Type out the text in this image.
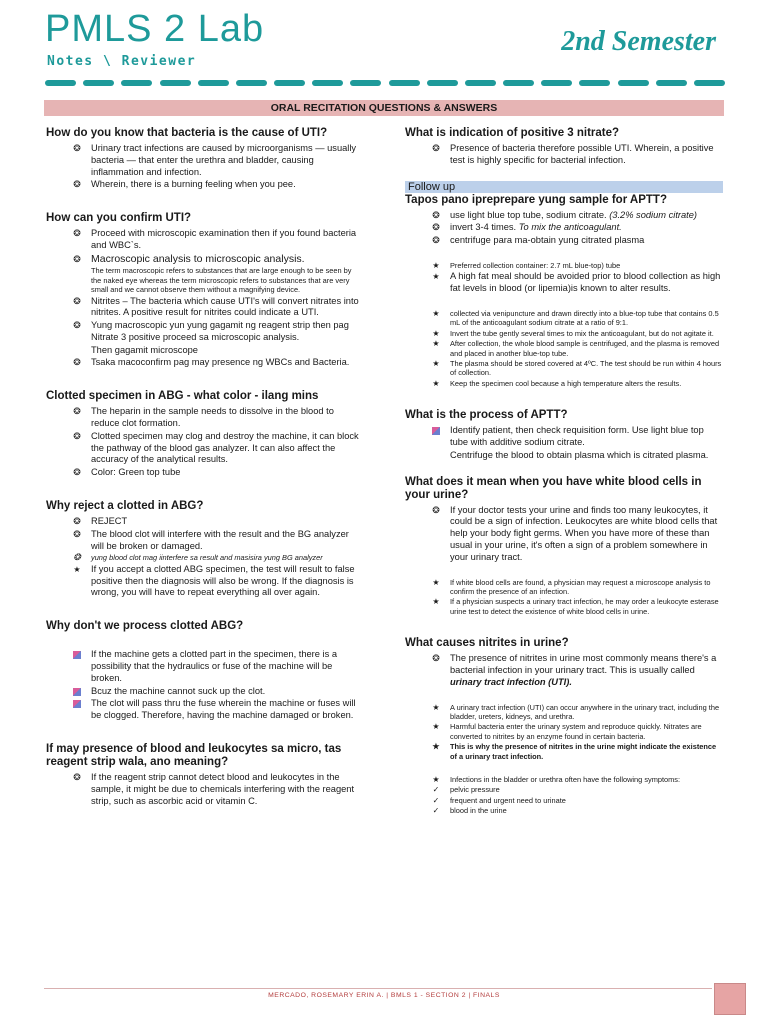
PMLS 2 Lab
Notes \ Reviewer
2nd Semester
ORAL RECITATION QUESTIONS & ANSWERS
How do you know that bacteria is the cause of UTI?
❂
Urinary tract infections are caused by microorganisms — usually bacteria — that enter the urethra and bladder, causing inflammation and infection.
❂
Wherein, there is a burning feeling when you pee.
How can you confirm UTI?
❂
Proceed with microscopic examination then if you found bacteria and WBC`s.
❂
Macroscopic analysis to microscopic analysis.
The term macroscopic refers to substances that are large enough to be seen by the naked eye whereas the term microscopic refers to substances that are very small and we cannot observe them without a magnifying device.
❂
Nitrites – The bacteria which cause UTI's will convert nitrates into nitrites. A positive result for nitrites could indicate a UTI.
❂
Yung macroscopic yun yung gagamit ng reagent strip then pag Nitrate 3 positive proceed sa microscopic analysis.
Then gagamit microscope
❂
Tsaka macoconfirm pag may presence ng WBCs and Bacteria.
Clotted specimen in ABG - what color - ilang mins
❂
The heparin in the sample needs to dissolve in the blood to reduce clot formation.
❂
Clotted specimen may clog and destroy the machine, it can block the pathway of the blood gas analyzer. It can also affect the accuracy of the analytical results.
❂
Color: Green top tube
Why reject a clotted in ABG?
❂
REJECT
❂
The blood clot will interfere with the result and the BG analyzer will be broken or damaged.
❂
yung blood clot mag iinterfere sa result and masisira yung BG analyzer
★
If you accept a clotted ABG specimen, the test will result to false positive then the diagnosis will also be wrong. If the diagnosis is wrong, you will have to repeat everything all over again.
Why don't we process clotted ABG?
If the machine gets a clotted part in the specimen, there is a possibility that the hydraulics or fuse of the machine will be broken.
Bcuz the machine cannot suck up the clot.
The clot will pass thru the fuse wherein the machine or fuses will be clogged. Therefore, having the machine damaged or broken.
If may presence of blood and leukocytes sa micro, tas reagent strip wala, ano meaning?
❂
If the reagent strip cannot detect blood and leukocytes in the sample, it might be due to chemicals interfering with the reagent strip, such as ascorbic acid or vitamin C.
What is indication of positive 3 nitrate?
❂
Presence of bacteria therefore possible UTI. Wherein, a positive test is highly specific for bacterial infection.
Follow up
Tapos pano ipreprepare yung sample for APTT?
❂
use light blue top tube, sodium citrate. (3.2% sodium citrate)
❂
invert 3-4 times. To mix the anticoagulant.
❂
centrifuge para ma-obtain yung citrated plasma
★
Preferred collection container: 2.7 mL blue-top) tube
★
A high fat meal should be avoided prior to blood collection as high fat levels in blood (or lipemia)is known to alter results.
★
collected via venipuncture and drawn directly into a blue-top tube that contains 0.5 mL of the anticoagulant sodium citrate at a ratio of 9:1.
★
Invert the tube gently several times to mix the anticoagulant, but do not agitate it.
★
After collection, the whole blood sample is centrifuged, and the plasma is removed and placed in another blue-top tube.
★
The plasma should be stored covered at 4ºC. The test should be run within 4 hours of collection.
★
Keep the specimen cool because a high temperature alters the results.
What is the process of APTT?
Identify patient, then check requisition form. Use light blue top tube with additive sodium citrate.
Centrifuge the blood to obtain plasma which is citrated plasma.
What does it mean when you have white blood cells in your urine?
❂
If your doctor tests your urine and finds too many leukocytes, it could be a sign of infection. Leukocytes are white blood cells that help your body fight germs. When you have more of these than usual in your urine, it's often a sign of a problem somewhere in your urinary tract.
★
If white blood cells are found, a physician may request a microscope analysis to confirm the presence of an infection.
★
If a physician suspects a urinary tract infection, he may order a leukocyte esterase urine test to detect the existence of white blood cells in urine.
What causes nitrites in urine?
❂
The presence of nitrites in urine most commonly means there's a bacterial infection in your urinary tract. This is usually called urinary tract infection (UTI).
★
A urinary tract infection (UTI) can occur anywhere in the urinary tract, including the bladder, ureters, kidneys, and urethra.
★
Harmful bacteria enter the urinary system and reproduce quickly. Nitrates are converted to nitrites by an enzyme found in certain bacteria.
★
This is why the presence of nitrites in the urine might indicate the existence of a urinary tract infection.
★
Infections in the bladder or urethra often have the following symptoms:
✓
pelvic pressure
✓
frequent and urgent need to urinate
✓
blood in the urine
MERCADO, ROSEMARY ERIN A. | BMLS 1 - SECTION 2 | FINALS
